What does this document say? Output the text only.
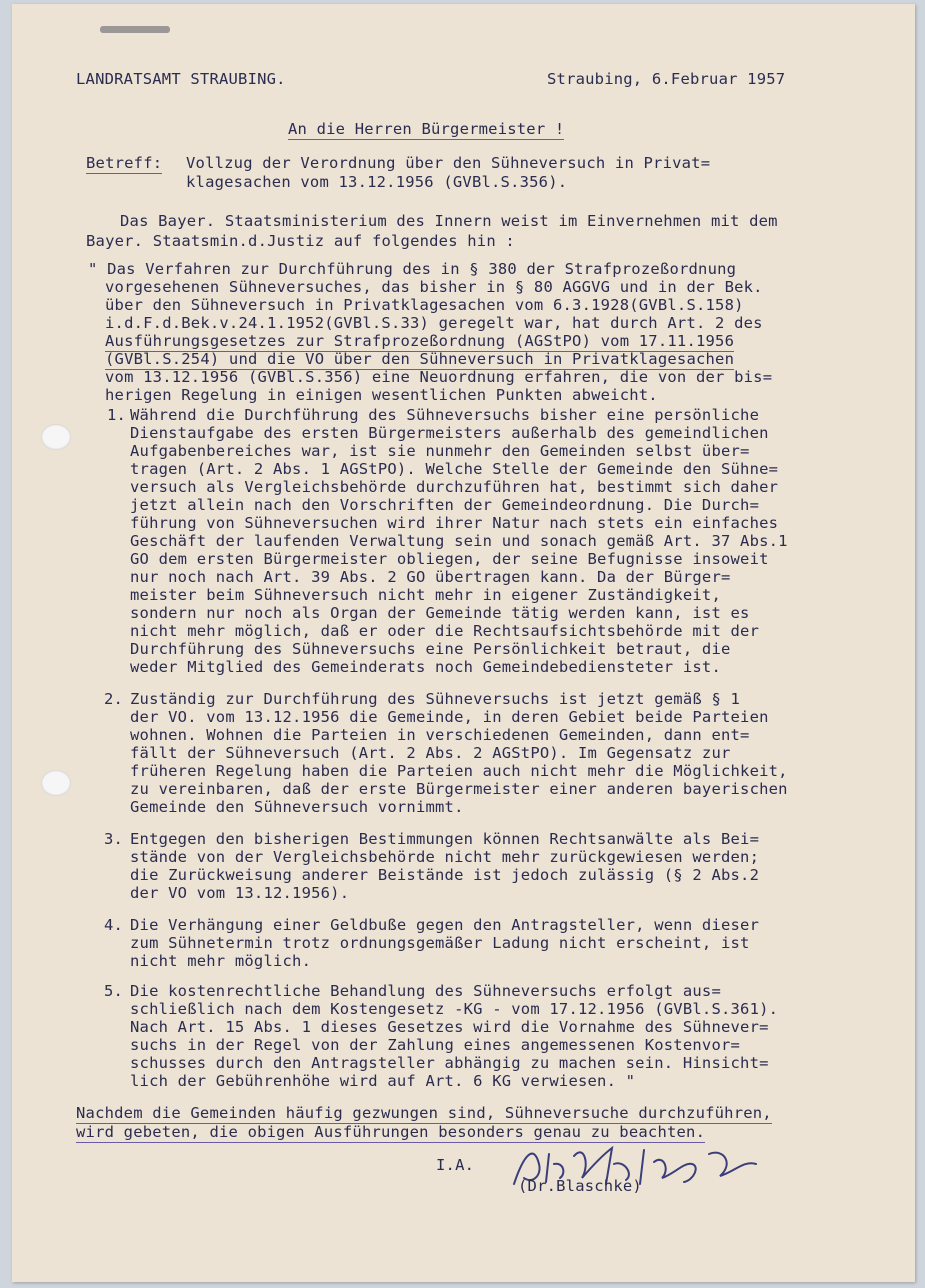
LANDRATSAMT STRAUBING.	Straubing, 6.Februar 1957
An die Herren Bürgermeister !
Betreff: Vollzug der Verordnung über den Sühneversuch in Privat=
klagesachen vom 13.12.1956 (GVBl.S.356).
Das Bayer. Staatsministerium des Innern weist im Einvernehmen mit dem
Bayer. Staatsmin.d.Justiz auf folgendes hin :
" Das Verfahren zur Durchführung des in § 380 der Strafprozeßordnung
vorgesehenen Sühneversuches, das bisher in § 80 AGGVG und in der Bek.
über den Sühneversuch in Privatklagesachen vom 6.3.1928(GVBl.S.158)
i.d.F.d.Bek.v.24.1.1952(GVBl.S.33) geregelt war, hat durch Art. 2 des
Ausführungsgesetzes zur Strafprozeßordnung (AGStPO) vom 17.11.1956
(GVBl.S.254) und die VO über den Sühneversuch in Privatklagesachen
vom 13.12.1956 (GVBl.S.356) eine Neuordnung erfahren, die von der bis=
herigen Regelung in einigen wesentlichen Punkten abweicht.
1. Während die Durchführung des Sühneversuchs bisher eine persönliche
Dienstaufgabe des ersten Bürgermeisters außerhalb des gemeindlichen
Aufgabenbereiches war, ist sie nunmehr den Gemeinden selbst über=
tragen (Art. 2 Abs. 1 AGStPO). Welche Stelle der Gemeinde den Sühne=
versuch als Vergleichsbehörde durchzuführen hat, bestimmt sich daher
jetzt allein nach den Vorschriften der Gemeindeordnung. Die Durch=
führung von Sühneversuchen wird ihrer Natur nach stets ein einfaches
Geschäft der laufenden Verwaltung sein und sonach gemäß Art. 37 Abs.1
GO dem ersten Bürgermeister obliegen, der seine Befugnisse insoweit
nur noch nach Art. 39 Abs. 2 GO übertragen kann. Da der Bürger=
meister beim Sühneversuch nicht mehr in eigener Zuständigkeit,
sondern nur noch als Organ der Gemeinde tätig werden kann, ist es
nicht mehr möglich, daß er oder die Rechtsaufsichtsbehörde mit der
Durchführung des Sühneversuchs eine Persönlichkeit betraut, die
weder Mitglied des Gemeinderats noch Gemeindebediensteter ist.
2. Zuständig zur Durchführung des Sühneversuchs ist jetzt gemäß § 1
der VO. vom 13.12.1956 die Gemeinde, in deren Gebiet beide Parteien
wohnen. Wohnen die Parteien in verschiedenen Gemeinden, dann ent=
fällt der Sühneversuch (Art. 2 Abs. 2 AGStPO). Im Gegensatz zur
früheren Regelung haben die Parteien auch nicht mehr die Möglichkeit,
zu vereinbaren, daß der erste Bürgermeister einer anderen bayerischen
Gemeinde den Sühneversuch vornimmt.
3. Entgegen den bisherigen Bestimmungen können Rechtsanwälte als Bei=
stände von der Vergleichsbehörde nicht mehr zurückgewiesen werden;
die Zurückweisung anderer Beistände ist jedoch zulässig (§ 2 Abs.2
der VO vom 13.12.1956).
4. Die Verhängung einer Geldbuße gegen den Antragsteller, wenn dieser
zum Sühnetermin trotz ordnungsgemäßer Ladung nicht erscheint, ist
nicht mehr möglich.
5. Die kostenrechtliche Behandlung des Sühneversuchs erfolgt aus=
schließlich nach dem Kostengesetz -KG - vom 17.12.1956 (GVBl.S.361).
Nach Art. 15 Abs. 1 dieses Gesetzes wird die Vornahme des Sühnever=
suchs in der Regel von der Zahlung eines angemessenen Kostenvor=
schusses durch den Antragsteller abhängig zu machen sein. Hinsicht=
lich der Gebührenhöhe wird auf Art. 6 KG verwiesen. "
Nachdem die Gemeinden häufig gezwungen sind, Sühneversuche durchzuführen,
wird gebeten, die obigen Ausführungen besonders genau zu beachten.
I.A.
(Dr.Blaschke)
